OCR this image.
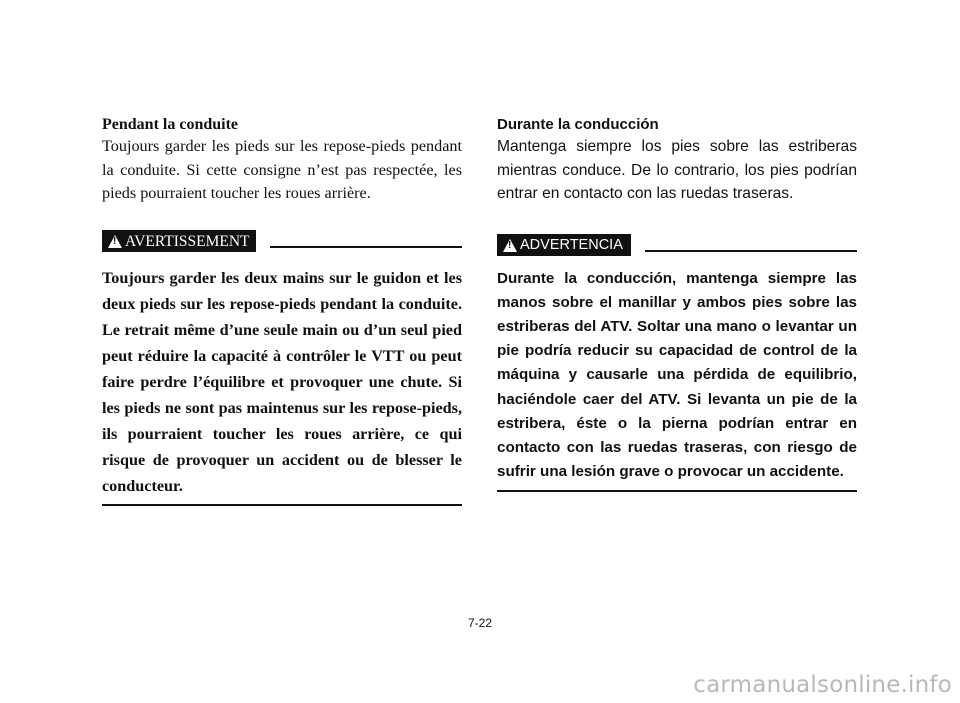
Pendant la conduite

Toujours garder les pieds sur les repose-pieds pendant la conduite. Si cette consigne n’est pas respectée, les pieds pourraient toucher les roues arrière.

!
AVERTISSEMENT

Toujours garder les deux mains sur le guidon et les deux pieds sur les repose-pieds pendant la conduite. Le retrait même d’une seule main ou d’un seul pied peut réduire la capacité à contrôler le VTT ou peut faire perdre l’équilibre et provoquer une chute. Si les pieds ne sont pas maintenus sur les repose-pieds, ils pourraient toucher les roues arrière, ce qui risque de provoquer un accident ou de blesser le conducteur.

Durante la conducción

Mantenga siempre los pies sobre las estriberas mientras conduce. De lo contrario, los pies podrían entrar en contacto con las ruedas traseras.

!
ADVERTENCIA

Durante la conducción, mantenga siempre las manos sobre el manillar y ambos pies sobre las estriberas del ATV. Soltar una mano o levantar un pie podría reducir su capacidad de control de la máquina y causarle una pérdida de equilibrio, haciéndole caer del ATV. Si levanta un pie de la estribera, éste o la pierna podrían entrar en contacto con las ruedas traseras, con riesgo de sufrir una lesión grave o provocar un accidente.

7-22
carmanualsonline.info
